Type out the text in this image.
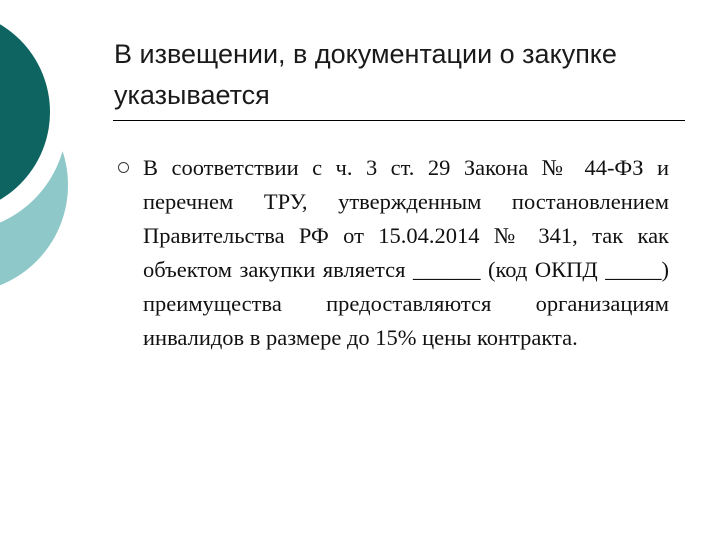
В извещении, в документации о закупке указывается

В соответствии с ч. 3 ст. 29 Закона № 44-ФЗ и перечнем ТРУ, утвержденным постановлением Правительства РФ от 15.04.2014 № 341, так как объектом закупки является ______ (код ОКПД _____) преимущества предоставляются организациям инвалидов в размере до 15% цены контракта.
